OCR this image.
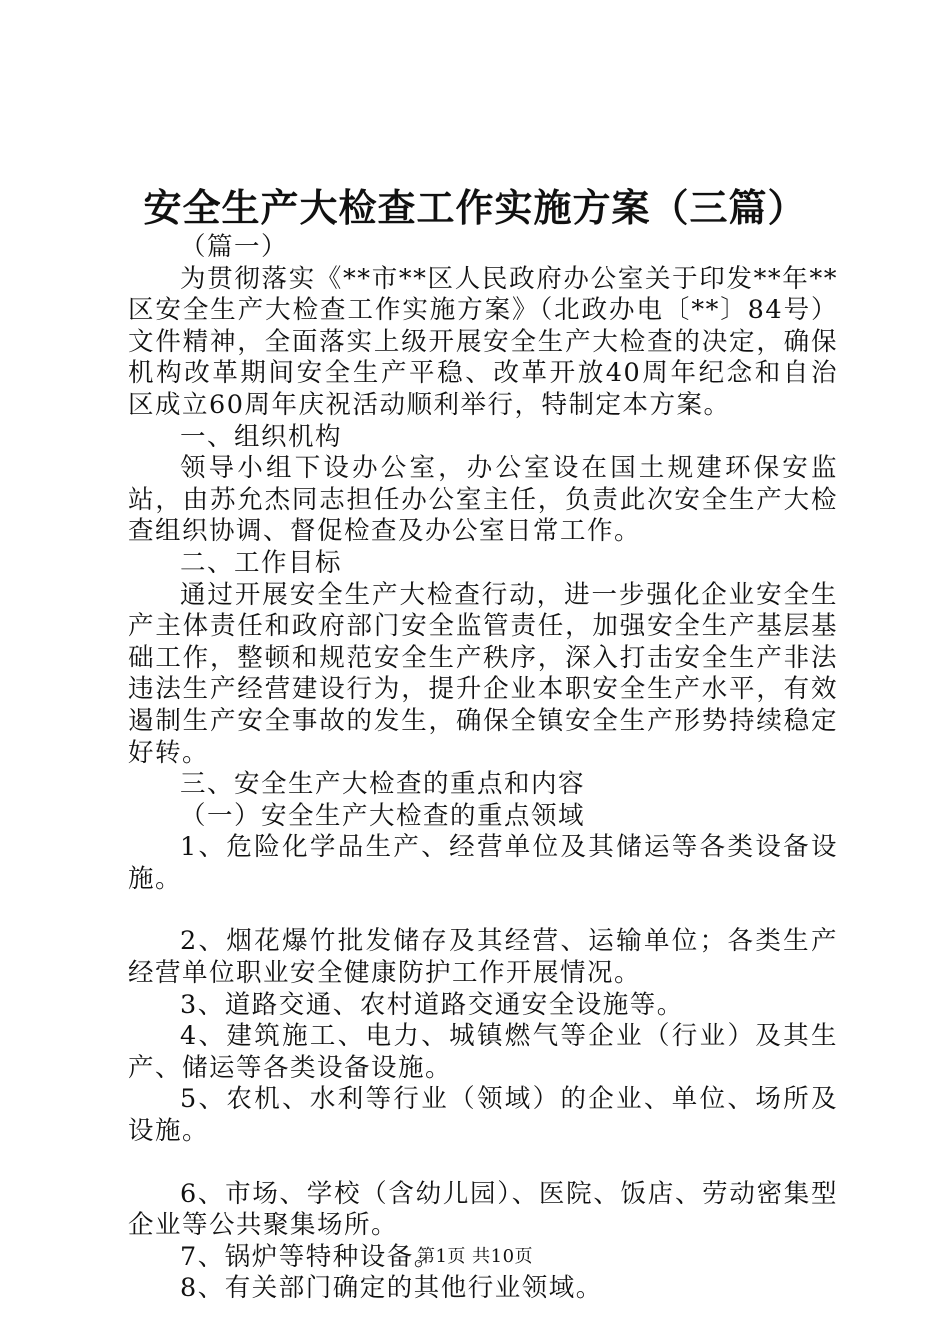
安全生产大检查工作实施方案（三篇）

（篇一）

为贯彻落实《**市**区人民政府办公室关于印发**年**区安全生产大检查工作实施方案》（北政办电〔**〕84号）文件精神，全面落实上级开展安全生产大检查的决定，确保机构改革期间安全生产平稳、改革开放40周年纪念和自治区成立60周年庆祝活动顺利举行，特制定本方案。

一、组织机构

领导小组下设办公室，办公室设在国土规建环保安监站，由苏允杰同志担任办公室主任，负责此次安全生产大检查组织协调、督促检查及办公室日常工作。

二、工作目标

通过开展安全生产大检查行动，进一步强化企业安全生产主体责任和政府部门安全监管责任，加强安全生产基层基础工作，整顿和规范安全生产秩序，深入打击安全生产非法违法生产经营建设行为，提升企业本职安全生产水平，有效遏制生产安全事故的发生，确保全镇安全生产形势持续稳定好转。

三、安全生产大检查的重点和内容

（一）安全生产大检查的重点领域

1、危险化学品生产、经营单位及其储运等各类设备设施。

2、烟花爆竹批发储存及其经营、运输单位；各类生产经营单位职业安全健康防护工作开展情况。

3、道路交通、农村道路交通安全设施等。

4、建筑施工、电力、城镇燃气等企业（行业）及其生产、储运等各类设备设施。

5、农机、水利等行业（领域）的企业、单位、场所及设施。

6、市场、学校（含幼儿园）、医院、饭店、劳动密集型企业等公共聚集场所。

7、锅炉等特种设备。

8、有关部门确定的其他行业领域。

第1页 共10页
